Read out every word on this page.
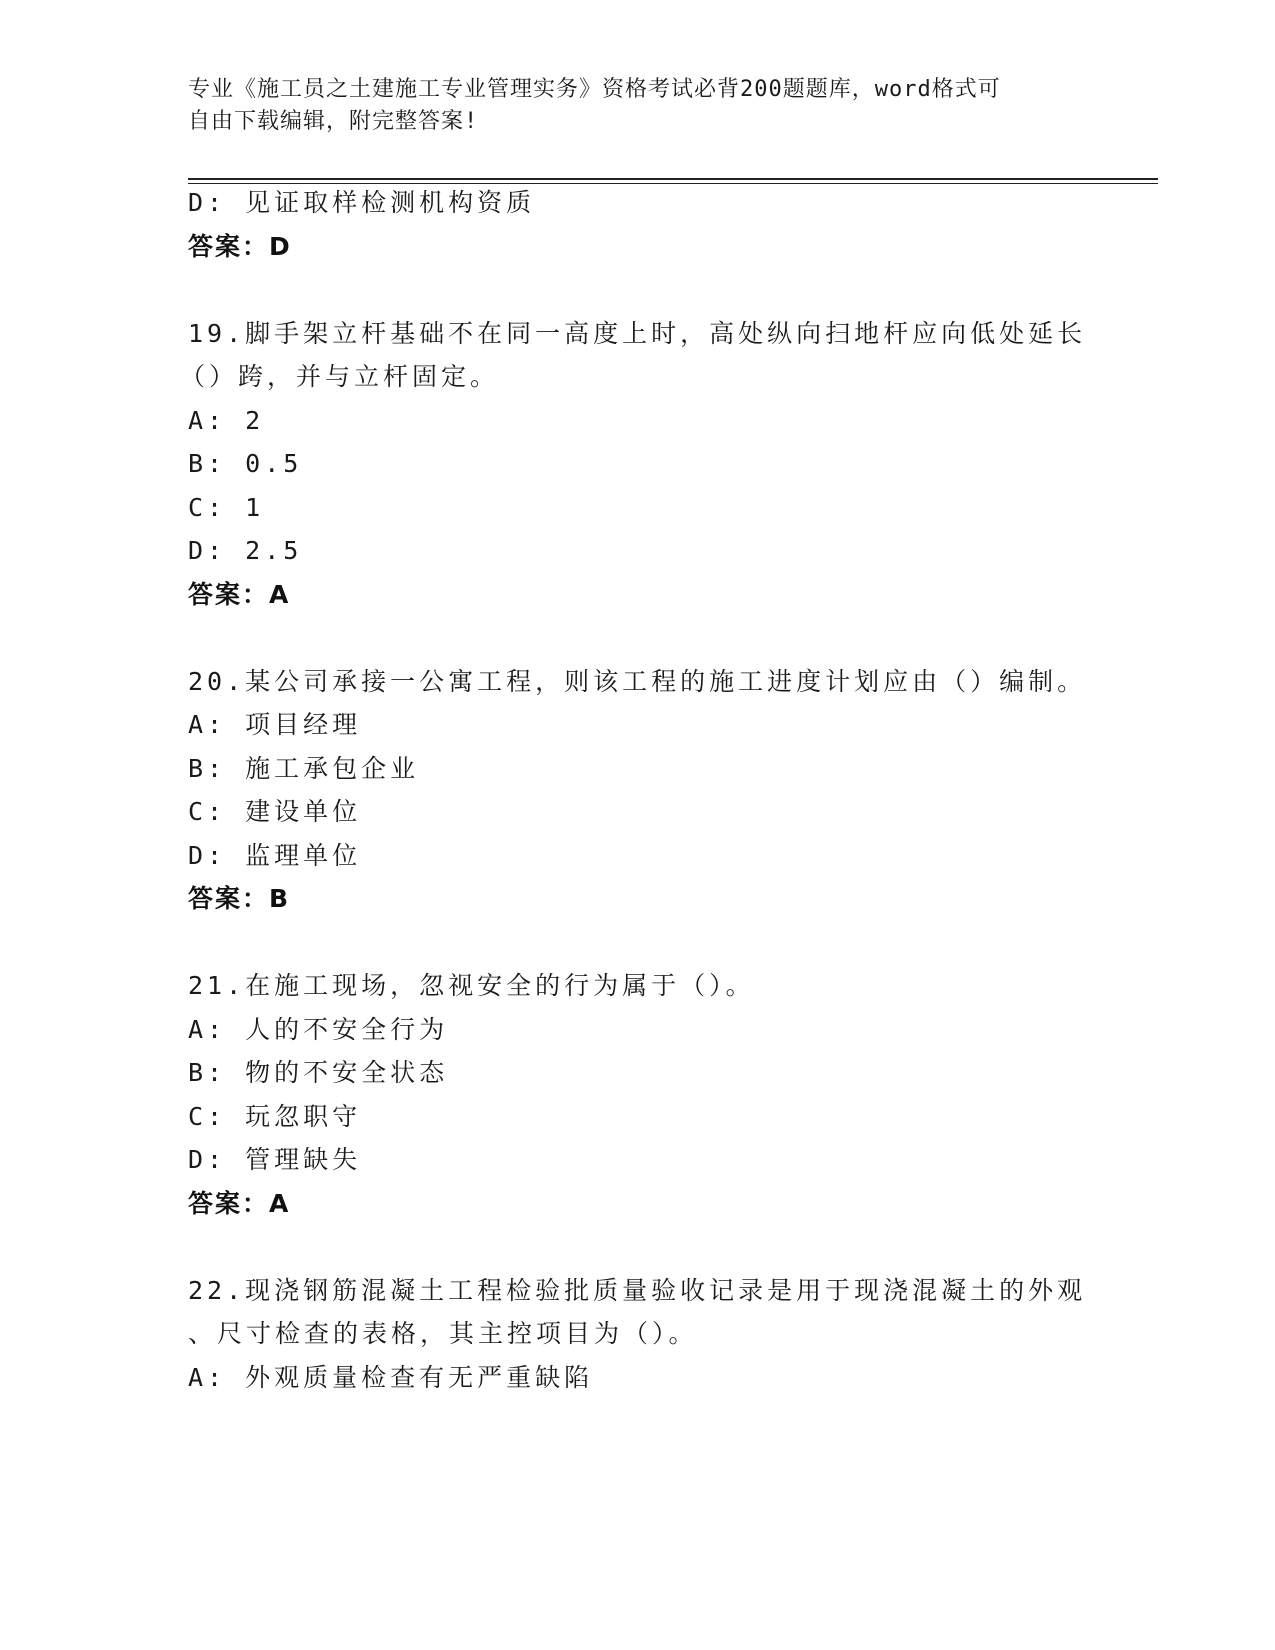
专业《施工员之土建施工专业管理实务》资格考试必背200题题库，word格式可
自由下载编辑，附完整答案!
D: 见证取样检测机构资质
答案：D
19.脚手架立杆基础不在同一高度上时，高处纵向扫地杆应向低处延长
（）跨，并与立杆固定。
A: 2
B: 0.5
C: 1
D: 2.5
答案：A
20.某公司承接一公寓工程，则该工程的施工进度计划应由（）编制。
A: 项目经理
B: 施工承包企业
C: 建设单位
D: 监理单位
答案：B
21.在施工现场，忽视安全的行为属于（）。
A: 人的不安全行为
B: 物的不安全状态
C: 玩忽职守
D: 管理缺失
答案：A
22.现浇钢筋混凝土工程检验批质量验收记录是用于现浇混凝土的外观
、尺寸检查的表格，其主控项目为（）。
A: 外观质量检查有无严重缺陷
